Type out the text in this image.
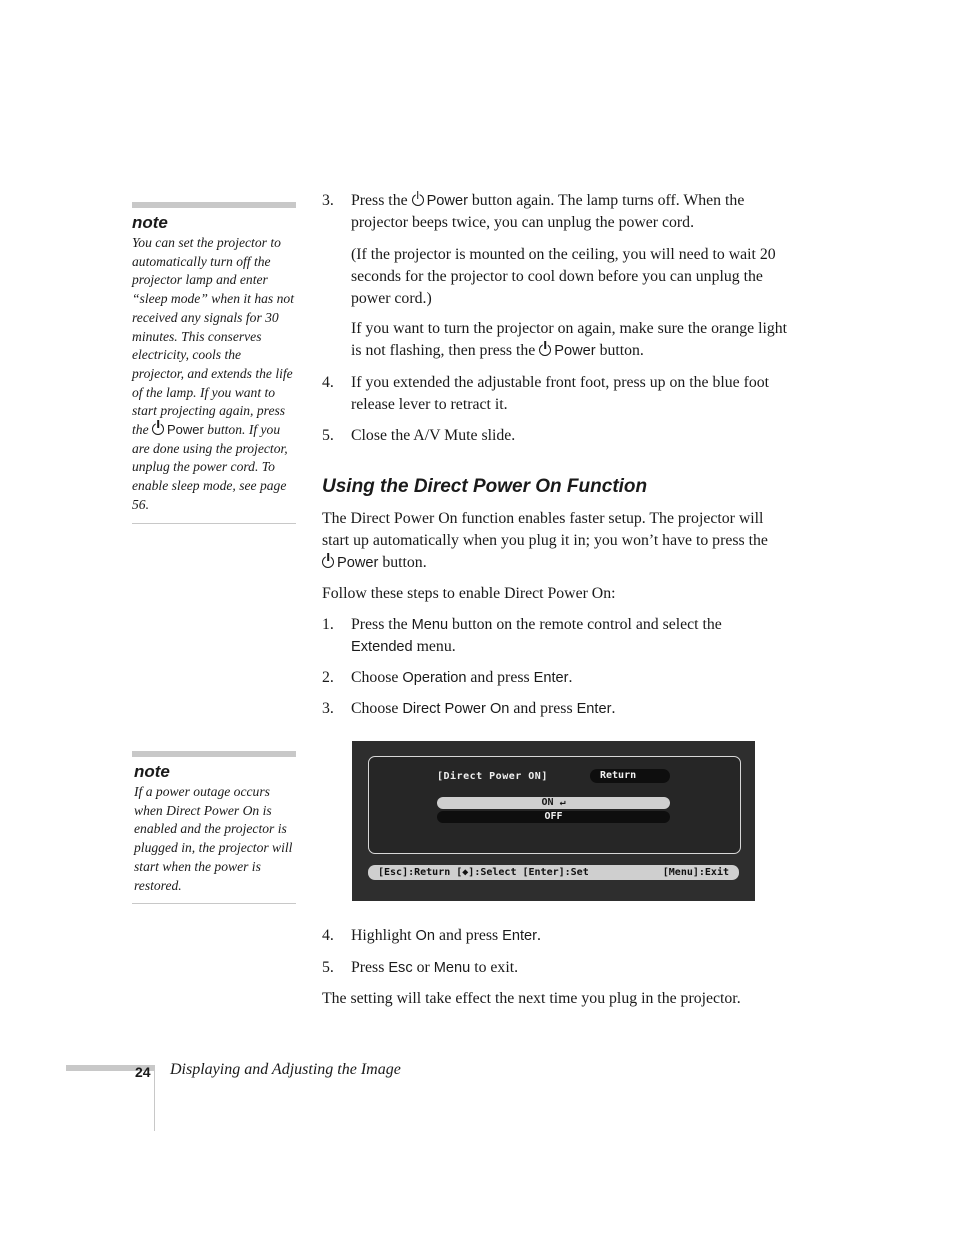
note
You can set the projector to automatically turn off the projector lamp and enter “sleep mode” when it has not received any signals for 30 minutes. This conserves electricity, cools the projector, and extends the life of the lamp. If you want to start projecting again, press the Power button. If you are done using the projector, unplug the power cord. To enable sleep mode, see page 56.
note
If a power outage occurs when Direct Power On is enabled and the projector is plugged in, the projector will start when the power is restored.
3.	Press the Power button again. The lamp turns off. When the projector beeps twice, you can unplug the power cord.
(If the projector is mounted on the ceiling, you will need to wait 20 seconds for the projector to cool down before you can unplug the power cord.)
If you want to turn the projector on again, make sure the orange light is not flashing, then press the Power button.
4.	If you extended the adjustable front foot, press up on the blue foot release lever to retract it.
5.	Close the A/V Mute slide.
Using the Direct Power On Function
The Direct Power On function enables faster setup. The projector will start up automatically when you plug it in; you won’t have to press the Power button.
Follow these steps to enable Direct Power On:
1.	Press the Menu button on the remote control and select the Extended menu.
2.	Choose Operation and press Enter.
3.	Choose Direct Power On and press Enter.
[Direct Power ON]	Return
ON ↵
OFF
[Esc]:Return [◆]:Select [Enter]:Set	[Menu]:Exit
4.	Highlight On and press Enter.
5.	Press Esc or Menu to exit.
The setting will take effect the next time you plug in the projector.
24 Displaying and Adjusting the Image
